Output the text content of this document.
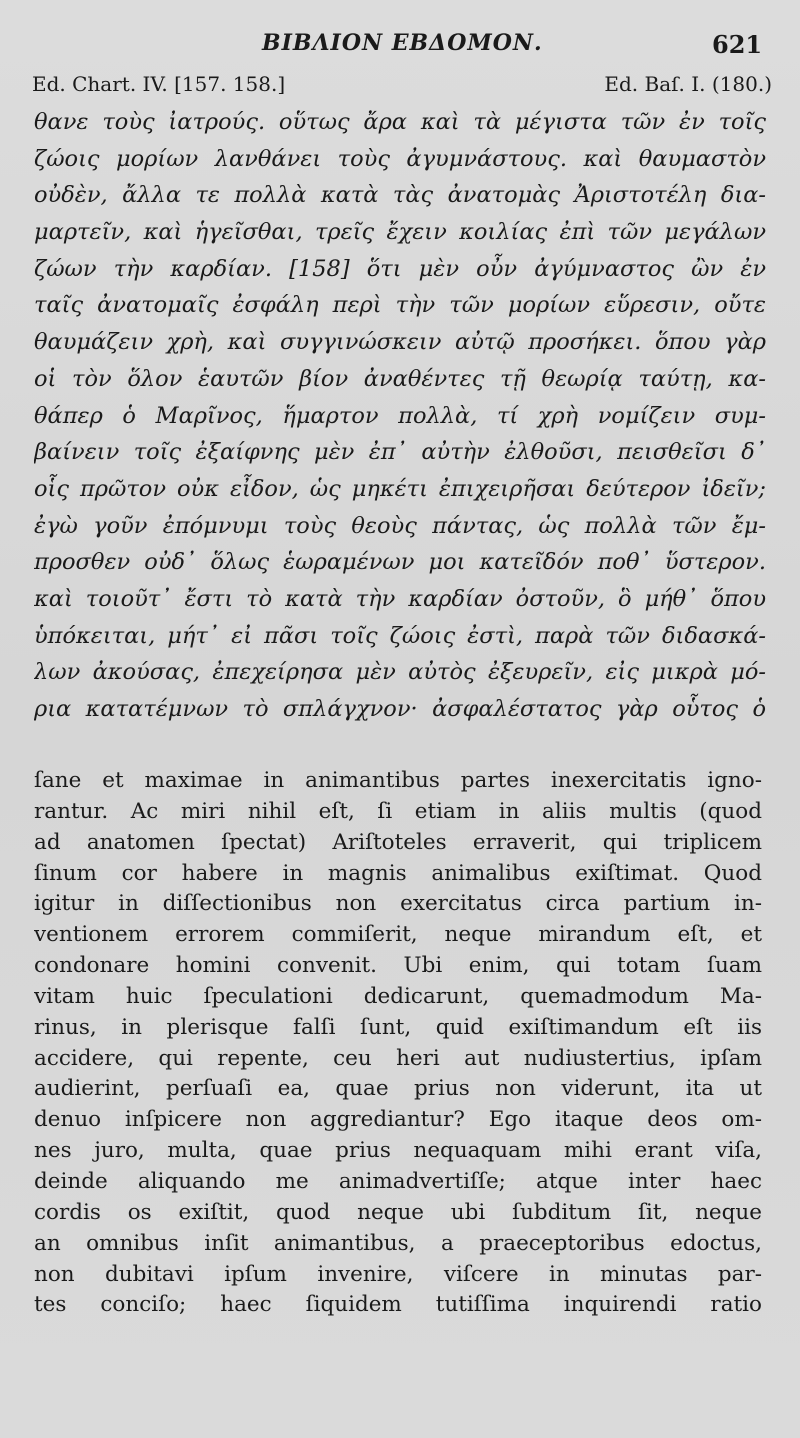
BIBΛΙΟΝ ΕΒΔΟΜΟΝ.	621
Ed. Chart. IV. [157. 158.]	Ed. Baſ. I. (180.)
θανε τοὺς ἰατρούς. οὕτως ἄρα καὶ τὰ μέγιστα τῶν ἐν τοῖς
ζώοις μορίων λανθάνει τοὺς ἀγυμνάστους. καὶ θαυμαστὸν
οὐδὲν, ἄλλα τε πολλὰ κατὰ τὰς ἀνατομὰς Ἀριστοτέλη δια-
μαρτεῖν, καὶ ἡγεῖσθαι, τρεῖς ἔχειν κοιλίας ἐπὶ τῶν μεγάλων
ζώων τὴν καρδίαν. [158] ὅτι μὲν οὖν ἀγύμναστος ὢν ἐν
ταῖς ἀνατομαῖς ἐσφάλη περὶ τὴν τῶν μορίων εὕρεσιν, οὔτε
θαυμάζειν χρὴ, καὶ συγγινώσκειν αὐτῷ προσήκει. ὅπου γὰρ
οἱ τὸν ὅλον ἑαυτῶν βίον ἀναθέντες τῇ θεωρίᾳ ταύτῃ, κα-
θάπερ ὁ Μαρῖνος, ἥμαρτον πολλὰ, τί χρὴ νομίζειν συμ-
βαίνειν τοῖς ἐξαίφνης μὲν ἐπ᾽ αὐτὴν ἐλθοῦσι, πεισθεῖσι δ᾽
οἷς πρῶτον οὐκ εἶδον, ὡς μηκέτι ἐπιχειρῆσαι δεύτερον ἰδεῖν;
ἐγὼ γοῦν ἐπόμνυμι τοὺς θεοὺς πάντας, ὡς πολλὰ τῶν ἔμ-
προσθεν οὐδ᾽ ὅλως ἑωραμένων μοι κατεῖδόν ποθ᾽ ὕστερον.
καὶ τοιοῦτ᾽ ἔστι τὸ κατὰ τὴν καρδίαν ὀστοῦν, ὃ μήθ᾽ ὅπου
ὑπόκειται, μήτ᾽ εἰ πᾶσι τοῖς ζώοις ἐστὶ, παρὰ τῶν διδασκά-
λων ἀκούσας, ἐπεχείρησα μὲν αὐτὸς ἐξευρεῖν, εἰς μικρὰ μό-
ρια κατατέμνων τὸ σπλάγχνον· ἀσφαλέστατος γὰρ οὗτος ὁ
ſane et maximae in animantibus partes inexercitatis igno-
rantur. Ac miri nihil eſt, ſi etiam in aliis multis (quod
ad anatomen ſpectat) Ariſtoteles erraverit, qui triplicem
ſinum cor habere in magnis animalibus exiſtimat. Quod
igitur in diſſectionibus non exercitatus circa partium in-
ventionem errorem commiſerit, neque mirandum eſt, et
condonare homini convenit. Ubi enim, qui totam ſuam
vitam huic ſpeculationi dedicarunt, quemadmodum Ma-
rinus, in plerisque falſi ſunt, quid exiſtimandum eſt iis
accidere, qui repente, ceu heri aut nudiustertius, ipſam
audierint, perſuaſi ea, quae prius non viderunt, ita ut
denuo inſpicere non aggrediantur? Ego itaque deos om-
nes juro, multa, quae prius nequaquam mihi erant viſa,
deinde aliquando me animadvertiſſe; atque inter haec
cordis os exiſtit, quod neque ubi ſubditum ſit, neque
an omnibus inſit animantibus, a praeceptoribus edoctus,
non dubitavi ipſum invenire, viſcere in minutas par-
tes conciſo; haec ſiquidem tutiſſima inquirendi ratio
